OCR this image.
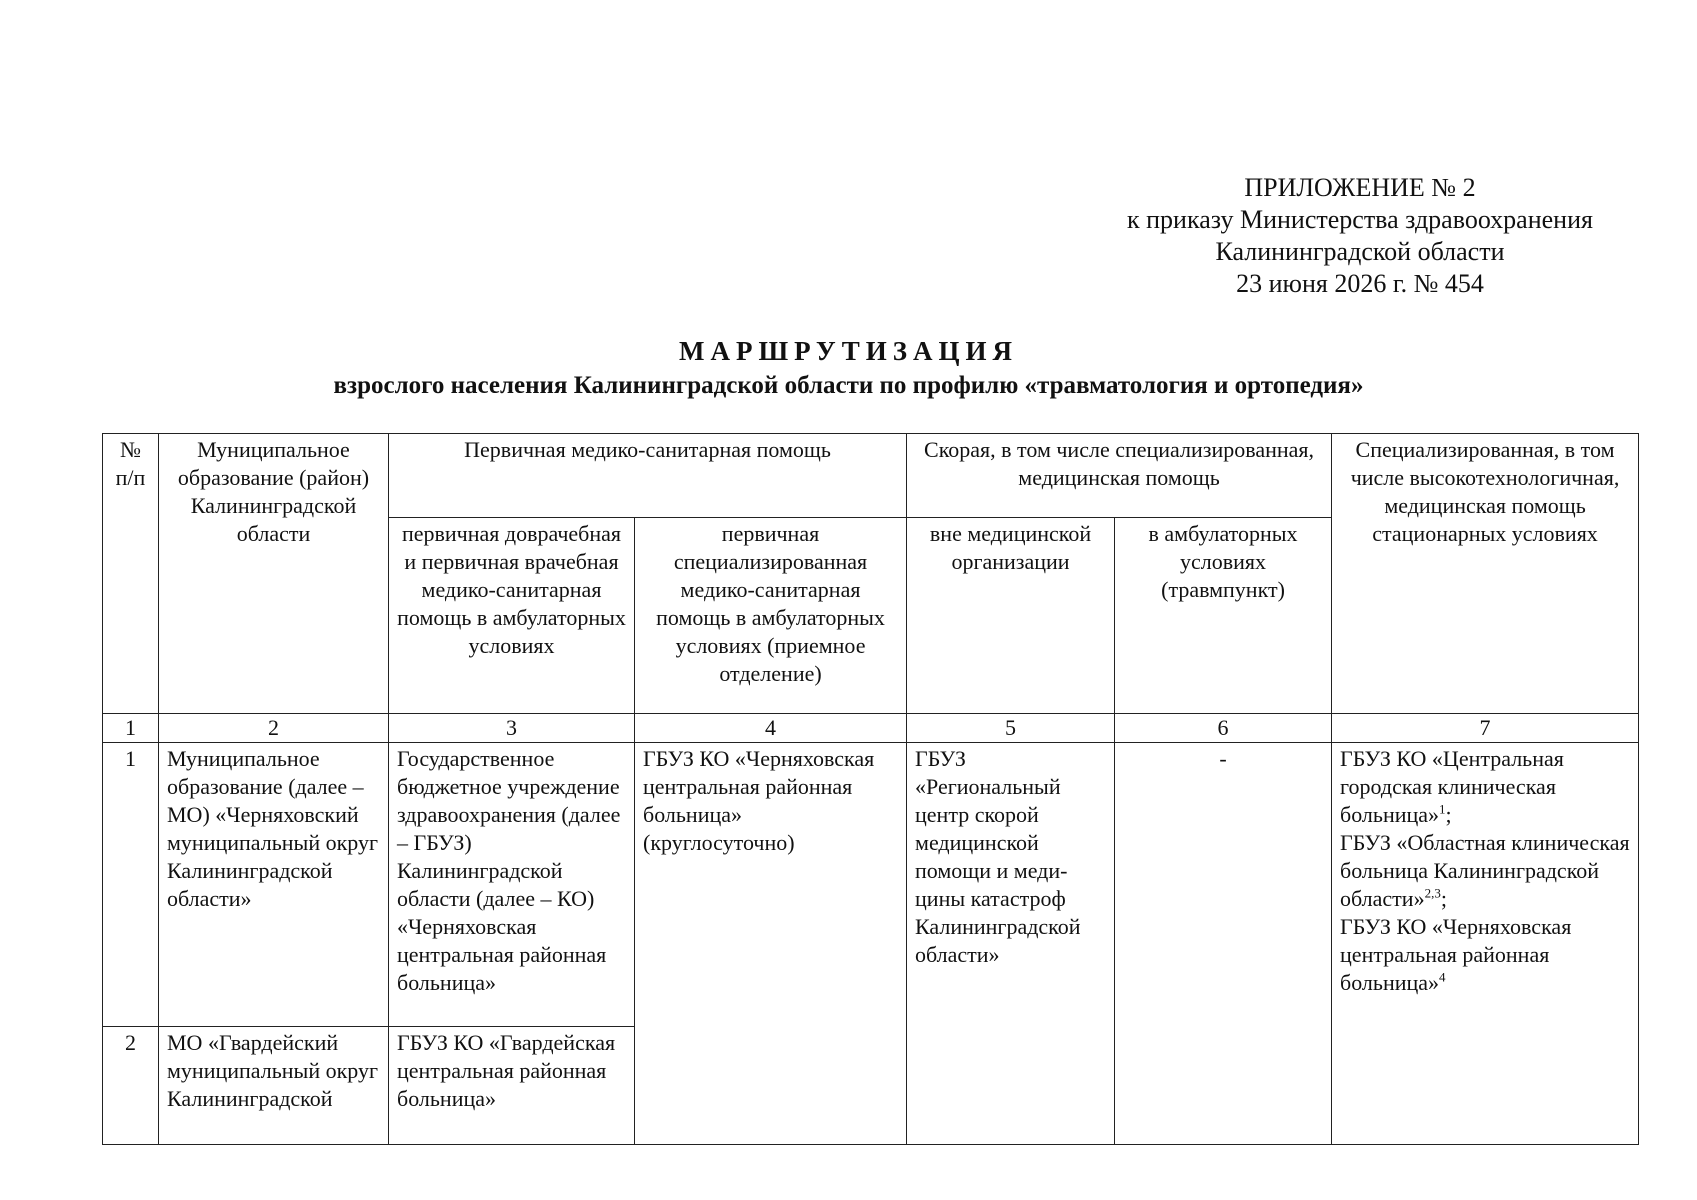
ПРИЛОЖЕНИЕ № 2
к приказу Министерства здравоохранения
Калининградской области
23 июня 2026 г. № 454
МАРШРУТИЗАЦИЯ
взрослого населения Калининградской области по профилю «травматология и ортопедия»
№ п/п	Муниципальное образование (район) Калининградской области	Первичная медико-санитарная помощь		Скорая, в том числе специализированная, медицинская помощь		Специализированная, в том числе высокотехнологичная, медицинская помощь стационарных условиях
		первичная доврачебная и первичная врачебная медико-санитарная помощь в амбулаторных условиях	первичная специализированная медико-санитарная помощь в амбулаторных условиях (приемное отделение)	вне медицинской организации	в амбулаторных условиях (травмпункт)	
1	2	3	4	5	6	7
1	Муниципальное образование (далее – МО) «Черняховский муниципальный округ Калининградской области»	Государственное бюджетное учреждение здравоохранения (далее – ГБУЗ) Калининградской области (далее – КО) «Черняховская центральная районная больница»	ГБУЗ КО «Черняховская центральная районная больница» (круглосуточно)	ГБУЗ «Региональный центр скорой медицинской помощи и меди-цины катастроф Калининградской области»	-	ГБУЗ КО «Центральная городская клиническая больница»$^1$;
ГБУЗ «Областная клиническая больница Калининградской области»$^{2,3}$;
ГБУЗ КО «Черняховская центральная районная больница»$^4$
2	МО «Гвардейский муниципальный округ Калининградской	ГБУЗ КО «Гвардейская центральная районная больница»				
